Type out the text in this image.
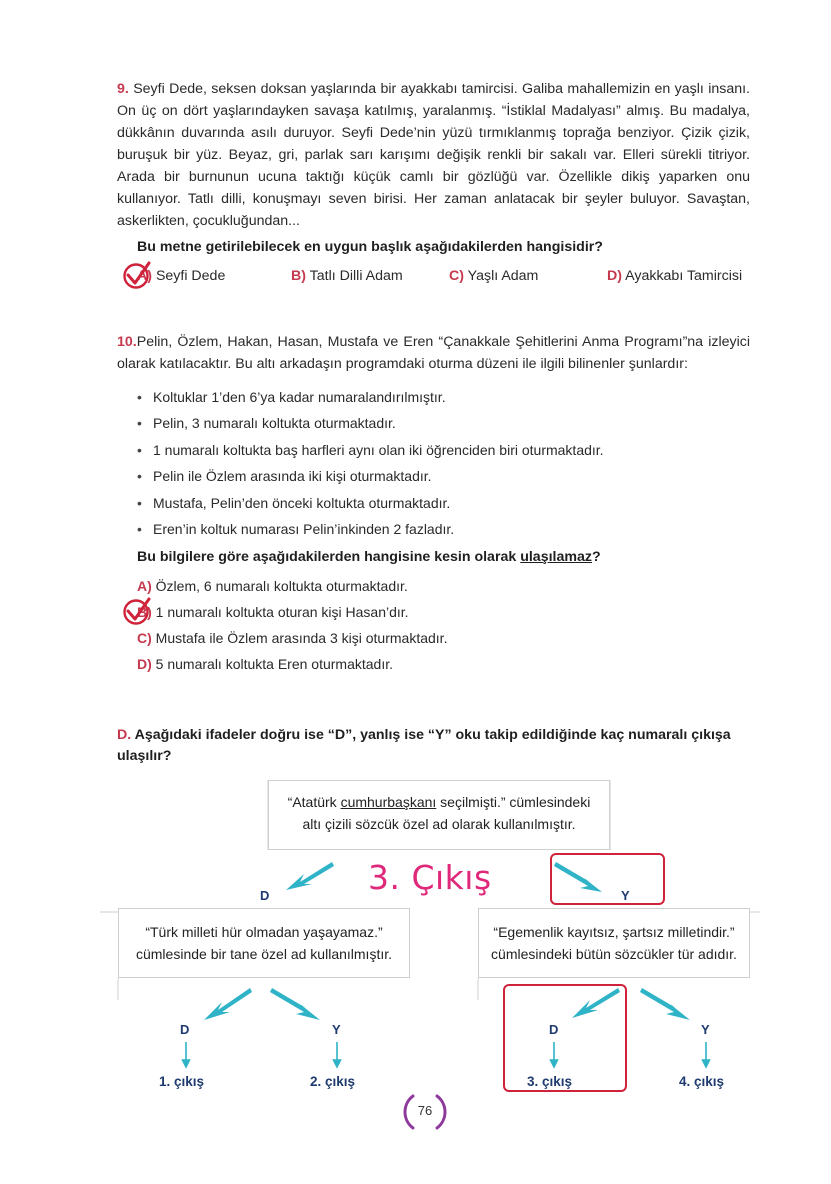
9. Seyfi Dede, seksen doksan yaşlarında bir ayakkabı tamircisi. Galiba mahallemizin en yaşlı insanı. On üç on dört yaşlarındayken savaşa katılmış, yaralanmış. “İstiklal Madalyası” almış. Bu madalya, dükkânın duvarında asılı duruyor. Seyfi Dede’nin yüzü tırmıklanmış toprağa benziyor. Çizik çizik, buruşuk bir yüz. Beyaz, gri, parlak sarı karışımı değişik renkli bir sakalı var. Elleri sürekli titriyor. Arada bir burnunun ucuna taktığı küçük camlı bir gözlüğü var. Özellikle dikiş yaparken onu kullanıyor. Tatlı dilli, konuşmayı seven birisi. Her zaman anlatacak bir şeyler buluyor. Savaştan, askerlikten, çocukluğundan...
Bu metne getirilebilecek en uygun başlık aşağıdakilerden hangisidir?
A) Seyfi Dede	B) Tatlı Dilli Adam	C) Yaşlı Adam	D) Ayakkabı Tamircisi
10.Pelin, Özlem, Hakan, Hasan, Mustafa ve Eren “Çanakkale Şehitlerini Anma Programı”na izleyici olarak katılacaktır. Bu altı arkadaşın programdaki oturma düzeni ile ilgili bilinenler şunlardır:
• Koltuklar 1’den 6’ya kadar numaralandırılmıştır.
• Pelin, 3 numaralı koltukta oturmaktadır.
• 1 numaralı koltukta baş harfleri aynı olan iki öğrenciden biri oturmaktadır.
• Pelin ile Özlem arasında iki kişi oturmaktadır.
• Mustafa, Pelin’den önceki koltukta oturmaktadır.
• Eren’in koltuk numarası Pelin’inkinden 2 fazladır.
Bu bilgilere göre aşağıdakilerden hangisine kesin olarak ulaşılamaz?
A) Özlem, 6 numaralı koltukta oturmaktadır.
B) 1 numaralı koltukta oturan kişi Hasan’dır.
C) Mustafa ile Özlem arasında 3 kişi oturmaktadır.
D) 5 numaralı koltukta Eren oturmaktadır.
D. Aşağıdaki ifadeler doğru ise “D”, yanlış ise “Y” oku takip edildiğinde kaç numaralı çıkışa ulaşılır?
“Atatürk cumhurbaşkanı seçilmişti.” cümlesindeki altı çizili sözcük özel ad olarak kullanılmıştır.
“Türk milleti hür olmadan yaşayamaz.” cümlesinde bir tane özel ad kullanılmıştır.
“Egemenlik kayıtsız, şartsız milletindir.” cümlesindeki bütün sözcükler tür adıdır.
D	Y
D	Y	D	Y
1. çıkış	2. çıkış	3. çıkış	4. çıkış
3. Çıkış
76
